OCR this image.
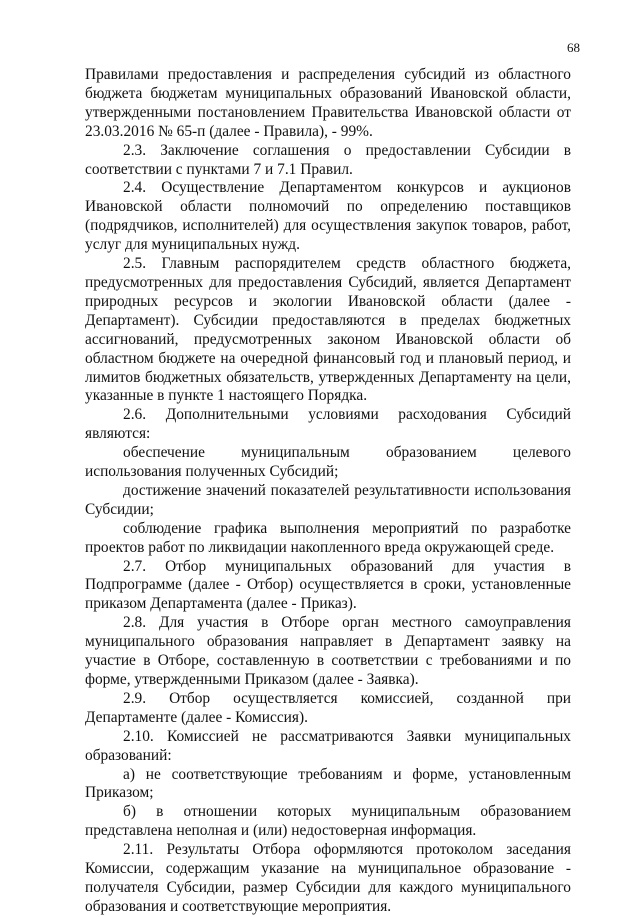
68

Правилами предоставления и распределения субсидий из областного бюджета бюджетам муниципальных образований Ивановской области, утвержденными постановлением Правительства Ивановской области от 23.03.2016 № 65-п (далее - Правила), - 99%.

2.3. Заключение соглашения о предоставлении Субсидии в соответствии с пунктами 7 и 7.1 Правил.

2.4. Осуществление Департаментом конкурсов и аукционов Ивановской области полномочий по определению поставщиков (подрядчиков, исполнителей) для осуществления закупок товаров, работ, услуг для муниципальных нужд.

2.5. Главным распорядителем средств областного бюджета, предусмотренных для предоставления Субсидий, является Департамент природных ресурсов и экологии Ивановской области (далее - Департамент). Субсидии предоставляются в пределах бюджетных ассигнований, предусмотренных законом Ивановской области об областном бюджете на очередной финансовый год и плановый период, и лимитов бюджетных обязательств, утвержденных Департаменту на цели, указанные в пункте 1 настоящего Порядка.

2.6. Дополнительными условиями расходования Субсидий являются:

обеспечение муниципальным образованием целевого использования полученных Субсидий;

достижение значений показателей результативности использования Субсидии;

соблюдение графика выполнения мероприятий по разработке проектов работ по ликвидации накопленного вреда окружающей среде.

2.7. Отбор муниципальных образований для участия в Подпрограмме (далее - Отбор) осуществляется в сроки, установленные приказом Департамента (далее - Приказ).

2.8. Для участия в Отборе орган местного самоуправления муниципального образования направляет в Департамент заявку на участие в Отборе, составленную в соответствии с требованиями и по форме, утвержденными Приказом (далее - Заявка).

2.9. Отбор осуществляется комиссией, созданной при Департаменте (далее - Комиссия).

2.10. Комиссией не рассматриваются Заявки муниципальных образований:

а) не соответствующие требованиям и форме, установленным Приказом;

б) в отношении которых муниципальным образованием представлена неполная и (или) недостоверная информация.

2.11. Результаты Отбора оформляются протоколом заседания Комиссии, содержащим указание на муниципальное образование - получателя Субсидии, размер Субсидии для каждого муниципального образования и соответствующие мероприятия.
